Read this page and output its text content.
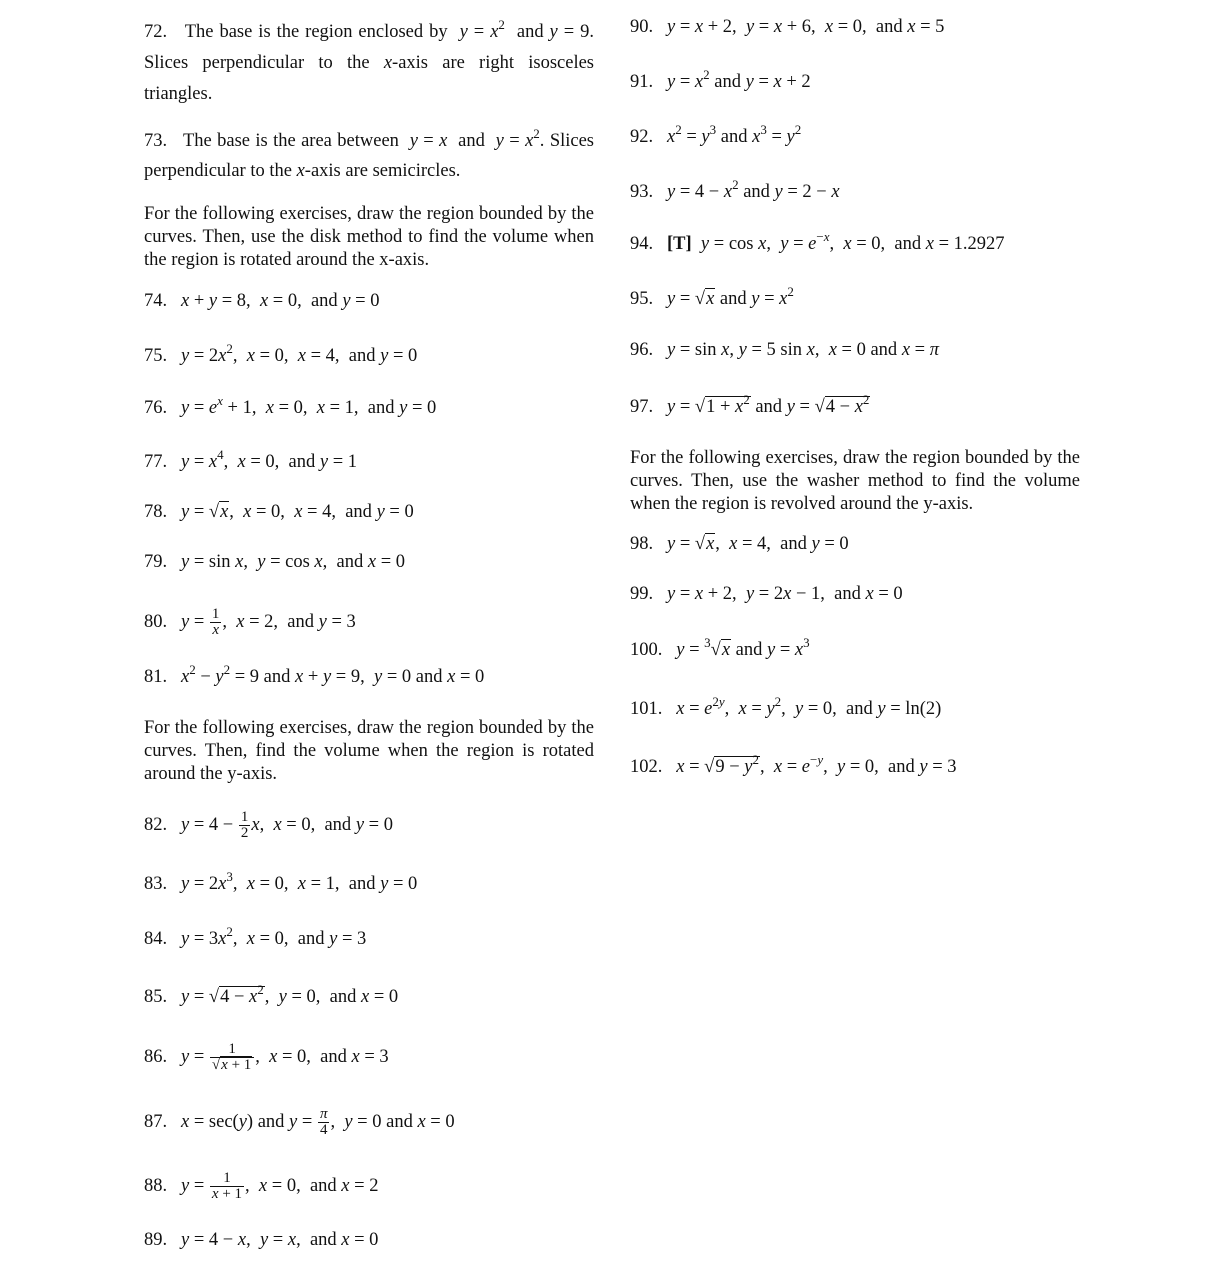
72. The base is the region enclosed by $y = x^2$  and y = 9. Slices perpendicular to the x-axis are right isosceles triangles.
73. The base is the area between y = x and $y = x^2$. Slices perpendicular to the x-axis are semicircles.
For the following exercises, draw the region bounded by the curves. Then, use the disk method to find the volume when the region is rotated around the x-axis.
74. x + y = 8,  x = 0,  and y = 0
75. $y = 2x^2$,  x = 0,  x = 4,  and y = 0
76. $y = e^x + 1$,  x = 0,  x = 1,  and y = 0
77. $y = x^4$,  x = 0,  and y = 1
78. y = √x,  x = 0,  x = 4,  and y = 0
79. y = sin x,  y = cos x,  and x = 0
80. $y = \frac{1}{x}$ ,  x = 2,  and y = 3
81. $x^2 - y^2 = 9$ and x + y = 9,  y = 0 and x = 0
For the following exercises, draw the region bounded by the curves. Then, find the volume when the region is rotated around the y-axis.
82. $y = 4 - \frac{1}{2} x$,  x = 0,  and y = 0
83. $y = 2x^3$,  x = 0,  x = 1,  and y = 0
84. $y = 3x^2$,  x = 0,  and y = 3
85. $y = √4 - x^2$,  y = 0,  and x = 0
86. $y = \frac{1}{√x + 1}$ ,  x = 0,  and x = 3
87. x = sec(y) and $y = \frac{\pi}{4}$ ,  y = 0 and x = 0
88. $y = \frac{1}{x + 1}$ ,  x = 0,  and x = 2
89. y = 4 − x,  y = x,  and x = 0
90. y = x + 2,  y = x + 6,  x = 0,  and x = 5
91. $y = x^2$ and y = x + 2
92. $x^2 = y^3$ and $x^3 = y^2$
93. $y = 4 - x^2$ and y = 2 − x
94. [T] y = cos x,  $y = e^{-x}$,  x = 0,  and x = 1.2927
95. y = √x and $y = x^2$
96. y = sin x, y = 5 sin x,  x = 0 and x = π
97. $y = √1 + x^2$ and $y = √4 - x^2$
For the following exercises, draw the region bounded by the curves. Then, use the washer method to find the volume when the region is revolved around the y-axis.
98. y = √x,  x = 4,  and y = 0
99. y = x + 2,  y = 2x − 1,  and x = 0
100. y = $^3$√x and $y = x^3$
101. $x = e^{2y}$,  $x = y^2$,  y = 0,  and y = ln(2)
102. $x = √9 - y^2$,  $x = e^{-y}$,  y = 0,  and y = 3
